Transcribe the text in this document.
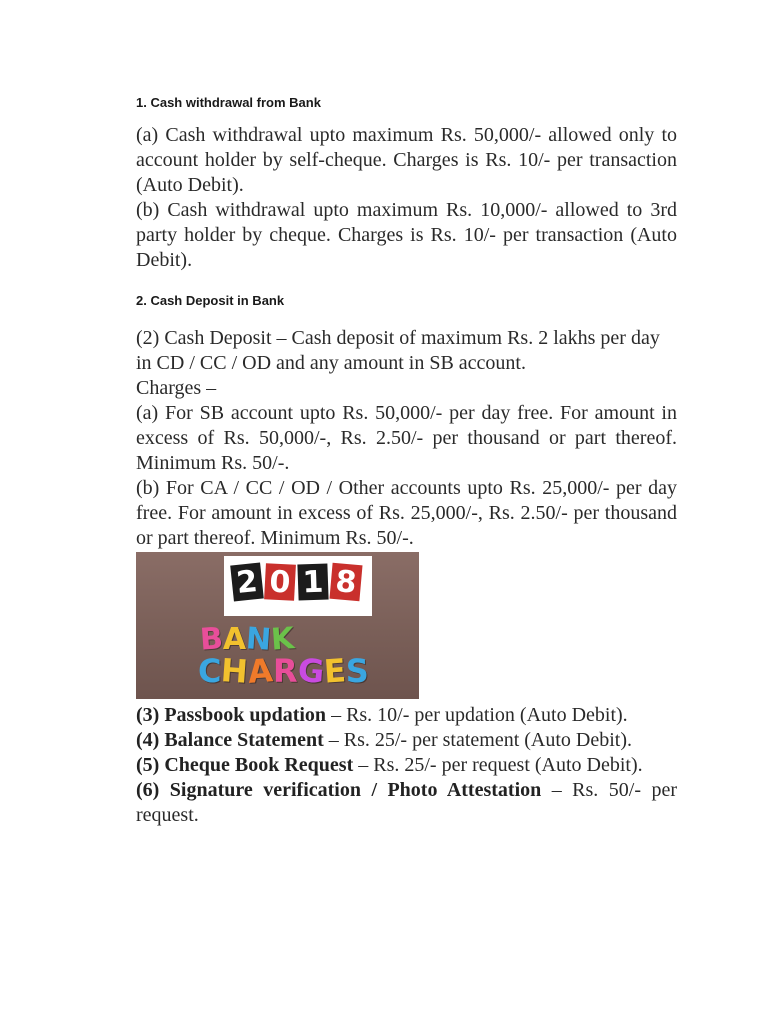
1. Cash withdrawal from Bank

(a) Cash withdrawal upto maximum Rs. 50,000/- allowed only to account holder by self-cheque. Charges is Rs. 10/- per transaction (Auto Debit).

(b) Cash withdrawal upto maximum Rs. 10,000/- allowed to 3rd party holder by cheque. Charges is Rs. 10/- per transaction (Auto Debit).

2. Cash Deposit in Bank

(2) Cash Deposit – Cash deposit of maximum Rs. 2 lakhs per day in CD / CC / OD and any amount in SB account.

Charges –

(a) For SB account upto Rs. 50,000/- per day free. For amount in excess of Rs. 50,000/-, Rs. 2.50/- per thousand or part thereof. Minimum Rs. 50/-.

(b) For CA / CC / OD / Other accounts upto Rs. 25,000/- per day free. For amount in excess of Rs. 25,000/-, Rs. 2.50/- per thousand or part thereof. Minimum Rs. 50/-.

2 0 1 8
B
A
N
K
C
H
A
R
G
E
S

(3) Passbook updation – Rs. 10/- per updation (Auto Debit).

(4) Balance Statement – Rs. 25/- per statement (Auto Debit).

(5) Cheque Book Request – Rs. 25/- per request (Auto Debit).

(6) Signature verification / Photo Attestation – Rs. 50/- per request.
